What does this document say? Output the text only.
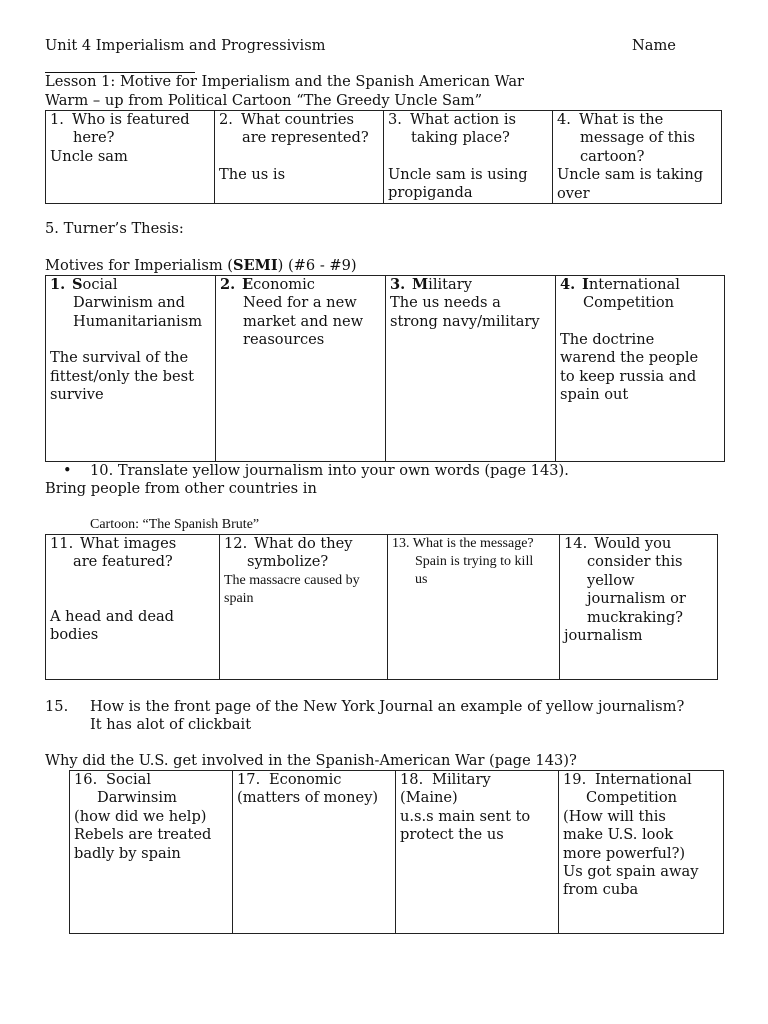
Unit 4 Imperialism and Progressivism	Name
Lesson 1: Motive for Imperialism and the Spanish American War
Warm – up from Political Cartoon “The Greedy Uncle Sam”
1. Who is featured
here?
Uncle sam

2. What countries
are represented?
The us is

3. What action is
taking place?
Uncle sam is using
propiganda

4. What is the
message of this
cartoon?
Uncle sam is taking
over
5. Turner’s Thesis:
Motives for Imperialism (SEMI) (#6 - #9)
1. Social
Darwinism and
Humanitarianism
The survival of the
fittest/only the best
survive

2. Economic
Need for a new
market and new
reasources

3. Military
The us needs a
strong navy/military

4. International
Competition
The doctrine
warend the people
to keep russia and
spain out
• 10. Translate yellow journalism into your own words (page 143).
Bring people from other countries in
Cartoon: “The Spanish Brute”
11. What images
are featured?
A head and dead
bodies

12. What do they
symbolize?
The massacre caused by
spain

13. What is the message?
Spain is trying to kill
us

14. Would you
consider this
yellow
journalism or
muckraking?
journalism
15. How is the front page of the New York Journal an example of yellow journalism?
It has alot of clickbait
Why did the U.S. get involved in the Spanish-American War (page 143)?
16. Social
Darwinsim
(how did we help)
Rebels are treated
badly by spain

17. Economic
(matters of money)

18. Military
(Maine)
u.s.s main sent to
protect the us

19. International
Competition
(How will this
make U.S. look
more powerful?)
Us got spain away
from cuba
